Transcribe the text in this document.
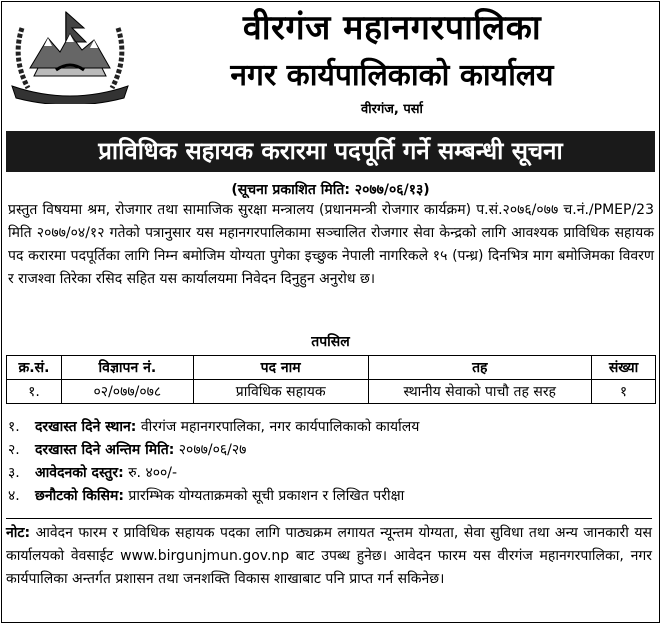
वीरगंज महानगरपालिका
नगर कार्यपालिकाको कार्यालय
वीरगंज, पर्सा
प्राविधिक सहायक करारमा पदपूर्ति गर्ने सम्बन्धी सूचना
(सूचना प्रकाशित मिति: २०७७/०६/१३)

प्रस्तुत विषयमा श्रम, रोजगार तथा सामाजिक सुरक्षा मन्त्रालय (प्रधानमन्त्री रोजगार कार्यक्रम) प.सं.२०७६/०७७ च.नं./PMEP/23 मिति २०७७/०४/१२ गतेको पत्रानुसार यस महानगरपालिकामा सञ्चालित रोजगार सेवा केन्द्रको लागि आवश्यक प्राविधिक सहायक पद करारमा पदपूर्तिका लागि निम्न बमोजिम योग्यता पुगेका इच्छुक नेपाली नागरिकले १५ (पन्ध्र) दिनभित्र माग बमोजिमका विवरण र राजश्वा तिरेका रसिद सहित यस कार्यालयमा निवेदन दिनुहुन अनुरोध छ।

तपसिल
क्र.सं.	विज्ञापन नं.	पद नाम	तह	संख्या
१.	०२/०७७/०७८	प्राविधिक सहायक	स्थानीय सेवाको पाचौ तह सरह	१
१. दरखास्त दिने स्थान: वीरगंज महानगरपालिका, नगर कार्यपालिकाको कार्यालय
२. दरखास्त दिने अन्तिम मिति: २०७७/०६/२७
३. आवेदनको दस्तुर: रु. ४००/-
४. छनौटको किसिम: प्रारम्भिक योग्यताक्रमको सूची प्रकाशन र लिखित परीक्षा

नोट: आवेदन फारम र प्राविधिक सहायक पदका लागि पाठ्यक्रम लगायत न्यून्तम योग्यता, सेवा सुविधा तथा अन्य जानकारी यस कार्यालयको वेवसाईट www.birgunjmun.gov.np बाट उपब्ध हुनेछ। आवेदन फारम यस वीरगंज महानगरपालिका, नगर कार्यपालिका अन्तर्गत प्रशासन तथा जनशक्ति विकास शाखाबाट पनि प्राप्त गर्न सकिनेछ।
